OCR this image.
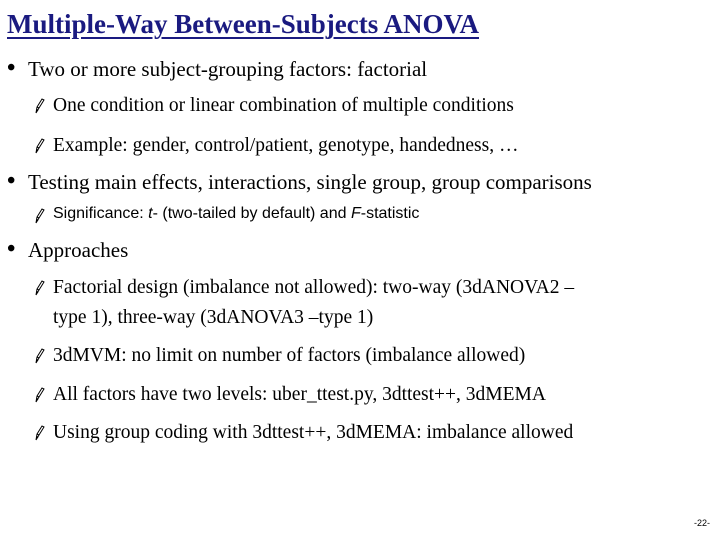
Multiple-Way Between-Subjects ANOVA
• Two or more subject-grouping factors: factorial
One condition or linear combination of multiple conditions
Example: gender, control/patient, genotype, handedness, …
• Testing main effects, interactions, single group, group comparisons
Significance: t- (two-tailed by default) and F-statistic
• Approaches
Factorial design (imbalance not allowed): two-way (3dANOVA2 –
type 1), three-way (3dANOVA3 –type 1)
3dMVM: no limit on number of factors (imbalance allowed)
All factors have two levels: uber_ttest.py, 3dttest++, 3dMEMA
Using group coding with 3dttest++, 3dMEMA: imbalance allowed
-22-
